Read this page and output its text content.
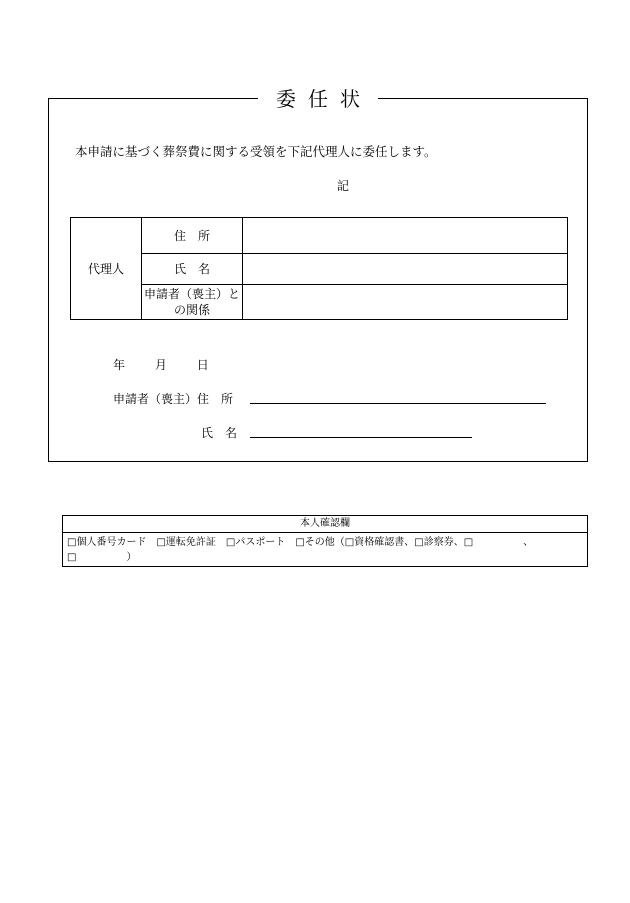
委任状
本申請に基づく葬祭費に関する受領を下記代理人に委任します。
記
代理人	住　所	
	氏　名	

	申請者（喪主）と
の関係	

年 月 日
申請者（喪主）住　所
氏　名
本人確認欄
□個人番号カード　□運転免許証　□パスポート　□その他（□資格確認書、□診察券、□　　　　　、
□　　　　　）
